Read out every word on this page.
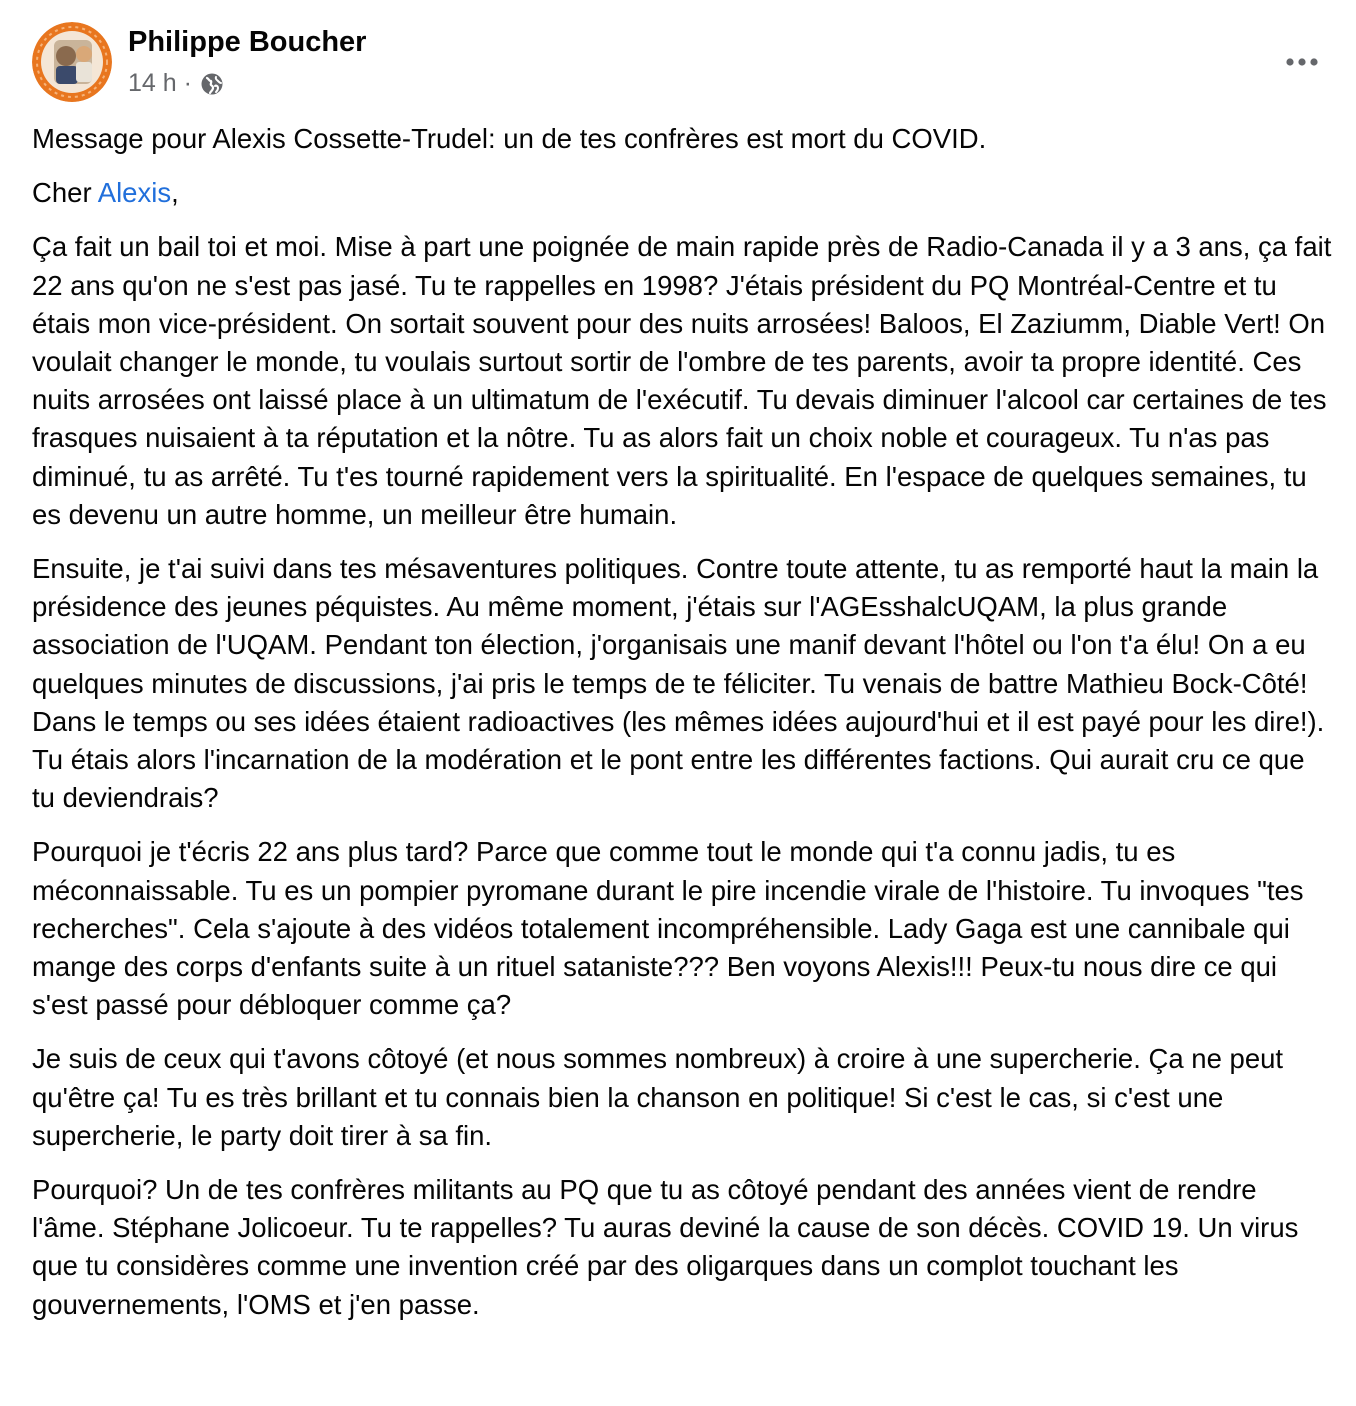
Philippe Boucher
14 h ·

Message pour Alexis Cossette-Trudel: un de tes confrères est mort du COVID.

Cher Alexis,

Ça fait un bail toi et moi. Mise à part une poignée de main rapide près de Radio-Canada il y a 3 ans, ça fait 22 ans qu'on ne s'est pas jasé. Tu te rappelles en 1998? J'étais président du PQ Montréal-Centre et tu étais mon vice-président. On sortait souvent pour des nuits arrosées! Baloos, El Zaziumm, Diable Vert! On voulait changer le monde, tu voulais surtout sortir de l'ombre de tes parents, avoir ta propre identité. Ces nuits arrosées ont laissé place à un ultimatum de l'exécutif. Tu devais diminuer l'alcool car certaines de tes frasques nuisaient à ta réputation et la nôtre. Tu as alors fait un choix noble et courageux. Tu n'as pas diminué, tu as arrêté. Tu t'es tourné rapidement vers la spiritualité. En l'espace de quelques semaines, tu es devenu un autre homme, un meilleur être humain.

Ensuite, je t'ai suivi dans tes mésaventures politiques. Contre toute attente, tu as remporté haut la main la présidence des jeunes péquistes. Au même moment, j'étais sur l'AGEsshalcUQAM, la plus grande association de l'UQAM. Pendant ton élection, j'organisais une manif devant l'hôtel ou l'on t'a élu! On a eu quelques minutes de discussions, j'ai pris le temps de te féliciter. Tu venais de battre Mathieu Bock-Côté! Dans le temps ou ses idées étaient radioactives (les mêmes idées aujourd'hui et il est payé pour les dire!). Tu étais alors l'incarnation de la modération et le pont entre les différentes factions. Qui aurait cru ce que tu deviendrais?

Pourquoi je t'écris 22 ans plus tard? Parce que comme tout le monde qui t'a connu jadis, tu es méconnaissable. Tu es un pompier pyromane durant le pire incendie virale de l'histoire. Tu invoques "tes recherches". Cela s'ajoute à des vidéos totalement incompréhensible. Lady Gaga est une cannibale qui mange des corps d'enfants suite à un rituel sataniste??? Ben voyons Alexis!!! Peux-tu nous dire ce qui s'est passé pour débloquer comme ça?

Je suis de ceux qui t'avons côtoyé (et nous sommes nombreux) à croire à une supercherie. Ça ne peut qu'être ça! Tu es très brillant et tu connais bien la chanson en politique! Si c'est le cas, si c'est une supercherie, le party doit tirer à sa fin.

Pourquoi? Un de tes confrères militants au PQ que tu as côtoyé pendant des années vient de rendre l'âme. Stéphane Jolicoeur. Tu te rappelles? Tu auras deviné la cause de son décès. COVID 19. Un virus que tu considères comme une invention créé par des oligarques dans un complot touchant les gouvernements, l'OMS et j'en passe.
